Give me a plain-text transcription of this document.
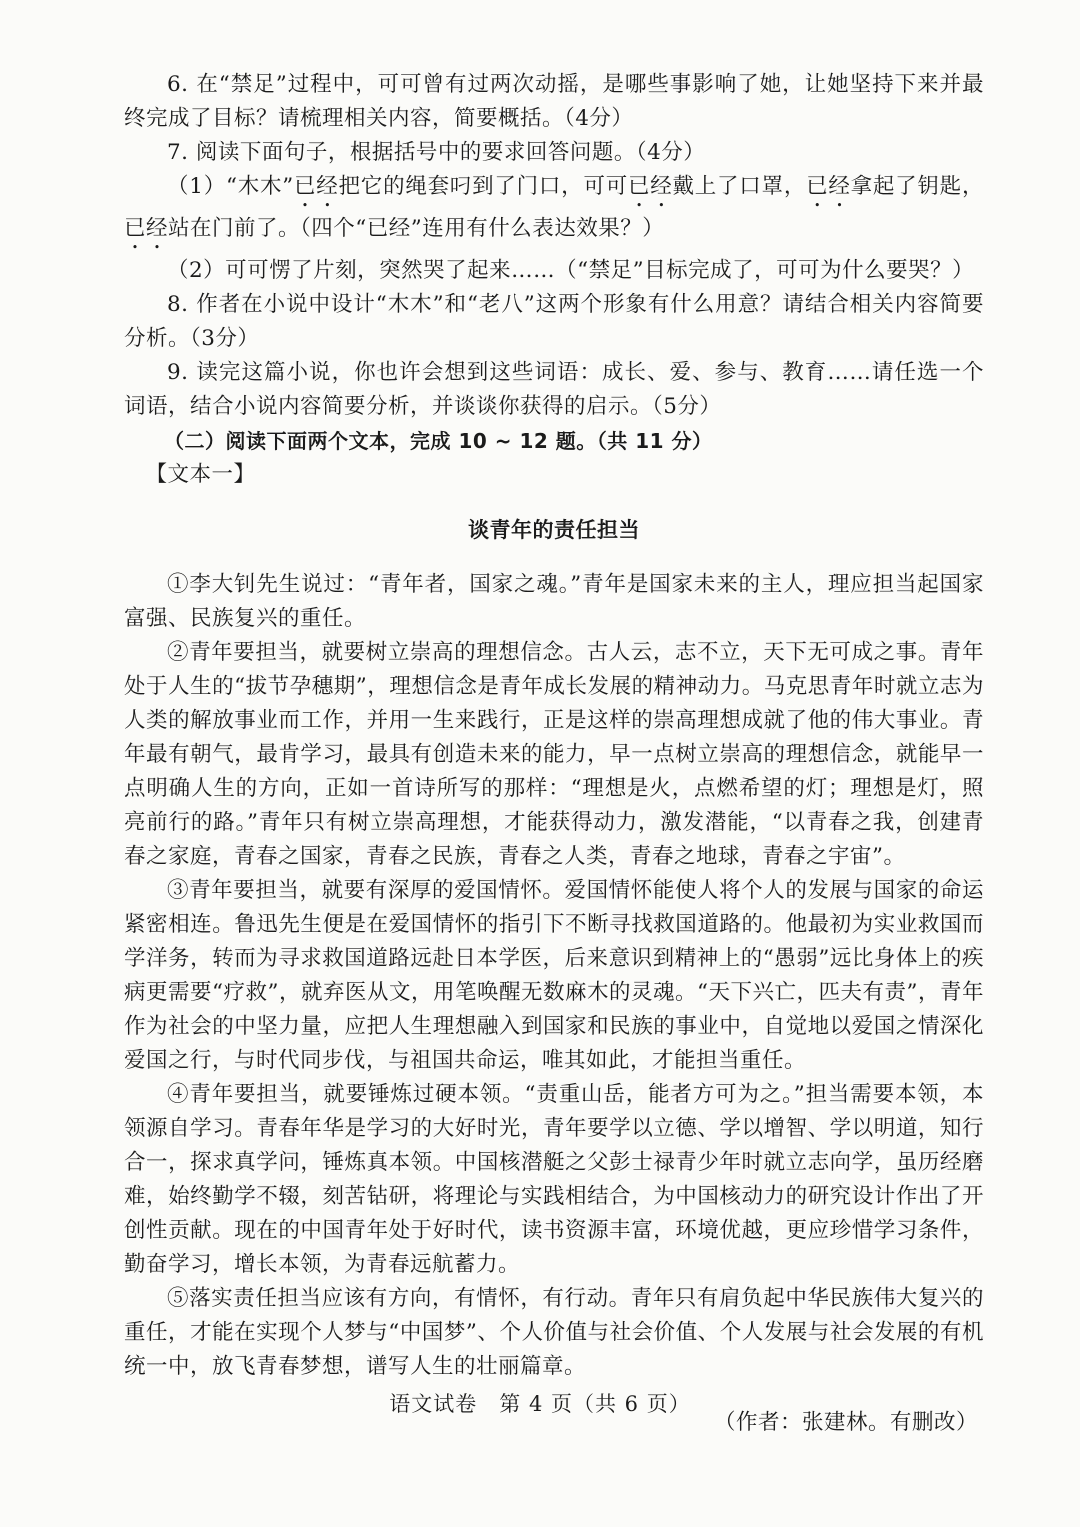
6. 在“禁足”过程中，可可曾有过两次动摇，是哪些事影响了她，让她坚持下来并最终完成了目标？请梳理相关内容，简要概括。（4分）

7. 阅读下面句子，根据括号中的要求回答问题。（4分）

（1）“木木”已经把它的绳套叼到了门口，可可已经戴上了口罩，已经拿起了钥匙，已经站在门前了。（四个“已经”连用有什么表达效果？）

（2）可可愣了片刻，突然哭了起来……（“禁足”目标完成了，可可为什么要哭？）

8. 作者在小说中设计“木木”和“老八”这两个形象有什么用意？请结合相关内容简要分析。（3分）

9. 读完这篇小说，你也许会想到这些词语：成长、爱、参与、教育……请任选一个词语，结合小说内容简要分析，并谈谈你获得的启示。（5分）

（二）阅读下面两个文本，完成 10 ~ 12 题。（共 11 分）

【文本一】

谈青年的责任担当

①李大钊先生说过：“青年者，国家之魂。”青年是国家未来的主人，理应担当起国家富强、民族复兴的重任。

②青年要担当，就要树立崇高的理想信念。古人云，志不立，天下无可成之事。青年处于人生的“拔节孕穗期”，理想信念是青年成长发展的精神动力。马克思青年时就立志为人类的解放事业而工作，并用一生来践行，正是这样的崇高理想成就了他的伟大事业。青年最有朝气，最肯学习，最具有创造未来的能力，早一点树立崇高的理想信念，就能早一点明确人生的方向，正如一首诗所写的那样：“理想是火，点燃希望的灯；理想是灯，照亮前行的路。”青年只有树立崇高理想，才能获得动力，激发潜能，“以青春之我，创建青春之家庭，青春之国家，青春之民族，青春之人类，青春之地球，青春之宇宙”。

③青年要担当，就要有深厚的爱国情怀。爱国情怀能使人将个人的发展与国家的命运紧密相连。鲁迅先生便是在爱国情怀的指引下不断寻找救国道路的。他最初为实业救国而学洋务，转而为寻求救国道路远赴日本学医，后来意识到精神上的“愚弱”远比身体上的疾病更需要“疗救”，就弃医从文，用笔唤醒无数麻木的灵魂。“天下兴亡，匹夫有责”，青年作为社会的中坚力量，应把人生理想融入到国家和民族的事业中，自觉地以爱国之情深化爱国之行，与时代同步伐，与祖国共命运，唯其如此，才能担当重任。

④青年要担当，就要锤炼过硬本领。“责重山岳，能者方可为之。”担当需要本领，本领源自学习。青春年华是学习的大好时光，青年要学以立德、学以增智、学以明道，知行合一，探求真学问，锤炼真本领。中国核潜艇之父彭士禄青少年时就立志向学，虽历经磨难，始终勤学不辍，刻苦钻研，将理论与实践相结合，为中国核动力的研究设计作出了开创性贡献。现在的中国青年处于好时代，读书资源丰富，环境优越，更应珍惜学习条件，勤奋学习，增长本领，为青春远航蓄力。

⑤落实责任担当应该有方向，有情怀，有行动。青年只有肩负起中华民族伟大复兴的重任，才能在实现个人梦与“中国梦”、个人价值与社会价值、个人发展与社会发展的有机统一中，放飞青春梦想，谱写人生的壮丽篇章。

（作者：张建林。有删改）

语文试卷　第 4 页（共 6 页）
